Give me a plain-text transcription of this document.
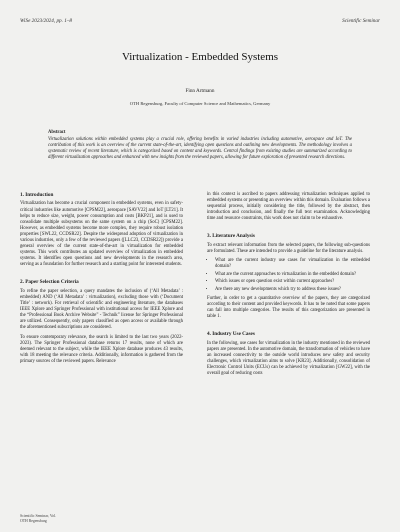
WiSe 2023/2024, pp. 1–8	Scientific Seminar
Virtualization - Embedded Systems
Finn Artmann
OTH Regensburg, Faculty of Computer Science and Mathematics, Germany
Abstract
Virtualization solutions within embedded systems play a crucial role, offering benefits in varied industries including automotive, aerospace and IoT. The contribution of this work is an overview of the current state-of-the-art, identifying open questions and outlining new developments. The methodology involves a systematic review of recent literature, which is categorized based on content and keywords. Central findings from existing studies are summarized according to different virtualization approaches and enhanced with new insights from the reviewed papers, allowing for future exploration of presented research directions.
1. Introduction

Virtualization has become a crucial component in embedded systems, even in safety-critical industries like automotive [CPSM22], aerospace [SAVV22] and IoT [LT21]. It helps to reduce size, weight, power consumption and costs [BKP21], and is used to consolidate multiple subsystems on the same system on a chip (SoC) [CPSM22]. However, as embedded systems become more complex, they require robust isolation properties [SWL22, CCDSR22]. Despite the widespread adoption of virtualization in various industries, only a few of the reviewed papers ([LLC23, CCDSR22]) provide a general overview of the current state-of-the-art in virtualization for embedded systems. This work contributes an updated overview of virtualization in embedded systems. It identifies open questions and new developments in the research area, serving as a foundation for further research and a starting point for interested students.

2. Paper Selection Criteria

To refine the paper selection, a query mandates the inclusion of (‘All Metadata’ : embedded) AND (‘All Metadata’ : virtualization), excluding those with (‘Document Title’ : network). For retrieval of scientific and engineering literature, the databases IEEE Xplore and Springer Professional with institutional access for IEEE Xplore and the “Professional Book Archive Website” - Technik” license for Springer Professional are utilized. Consequently, only papers classified as open access or available through the aforementioned subscriptions are considered.

To ensure contemporary relevance, the search is limited to the last two years (2022-2023). The Springer Professional database returns 17 results, none of which are deemed relevant to the subject, while the IEEE Xplore database produces 43 results, with 18 meeting the relevance criteria. Additionally, information is gathered from the primary sources of the reviewed papers. Relevance

in this context is ascribed to papers addressing virtualization techniques applied to embedded systems or presenting an overview within this domain. Evaluation follows a sequential process, initially considering the title, followed by the abstract, then introduction and conclusion, and finally the full text examination. Acknowledging time and resource constraints, this work does not claim to be exhaustive.

3. Literature Analysis

To extract relevant information from the selected papers, the following sub-questions are formulated. These are intended to provide a guideline for the literature analysis.

• What are the current industry use cases for virtualization in the embedded domain?
• What are the current approaches to virtualization in the embedded domain?
• Which issues or open question exist within current approaches?
• Are there any new developments which try to address these issues?

Further, in order to get a quantitative overview of the papers, they are categorized according to their content and provided keywords. It has to be noted that some papers can fall into multiple categories. The results of this categorization are presented in table 1.

4. Industry Use Cases

In the following, use cases for virtualization in the industry mentioned in the reviewed papers are presented. In the automotive domain, the transformation of vehicles to have an increased connectivity to the outside world introduces new safety and security challenges, which virtualization aims to solve [KR23]. Additionally, consolidation of Electronic Control Units (ECUs) can be achieved by virtualization [GW22], with the overall goal of reducing costs

Scientific Seminar, Vol.
OTH Regensburg
